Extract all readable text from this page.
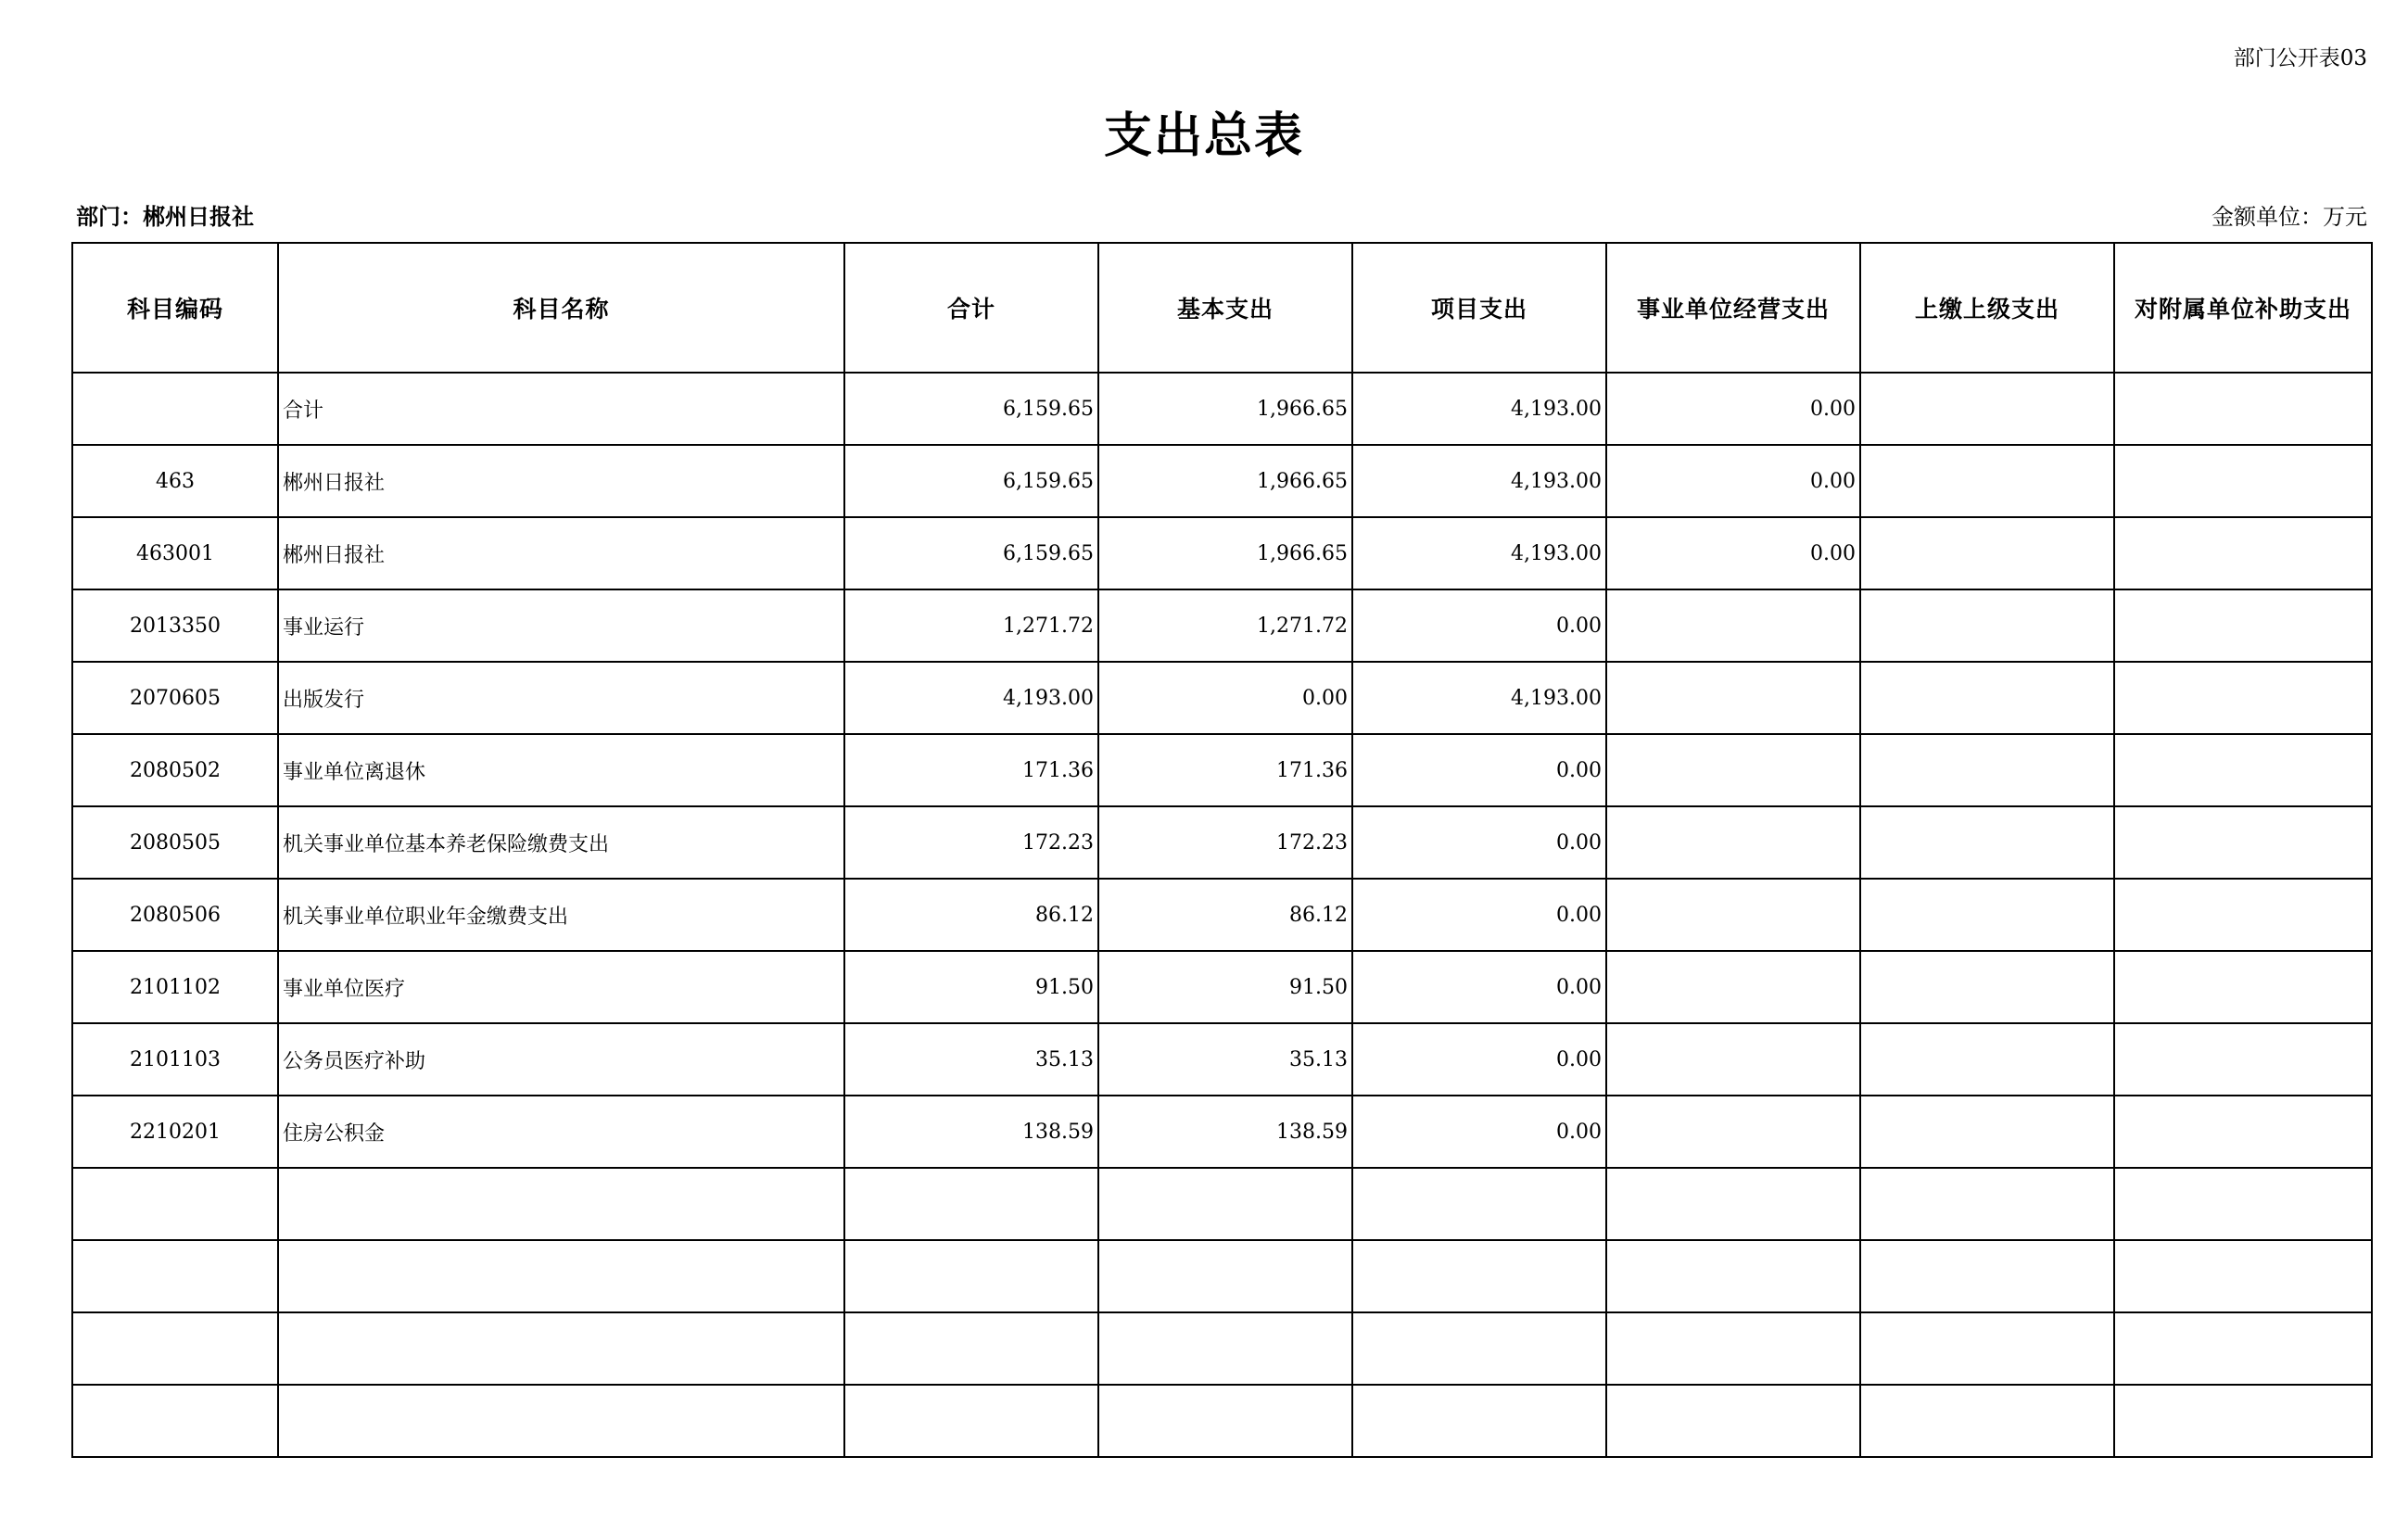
部门公开表03
支出总表
部门：郴州日报社	金额单位：万元
科目编码	科目名称	合计	基本支出	项目支出	事业单位经营支出	上缴上级支出	对附属单位补助支出
	合计	6,159.65	1,966.65	4,193.00	0.00		
463	郴州日报社	6,159.65	1,966.65	4,193.00	0.00		
463001	郴州日报社	6,159.65	1,966.65	4,193.00	0.00		
2013350	事业运行	1,271.72	1,271.72	0.00			
2070605	出版发行	4,193.00	0.00	4,193.00			
2080502	事业单位离退休	171.36	171.36	0.00			
2080505	机关事业单位基本养老保险缴费支出	172.23	172.23	0.00			
2080506	机关事业单位职业年金缴费支出	86.12	86.12	0.00			
2101102	事业单位医疗	91.50	91.50	0.00			
2101103	公务员医疗补助	35.13	35.13	0.00			
2210201	住房公积金	138.59	138.59	0.00			
